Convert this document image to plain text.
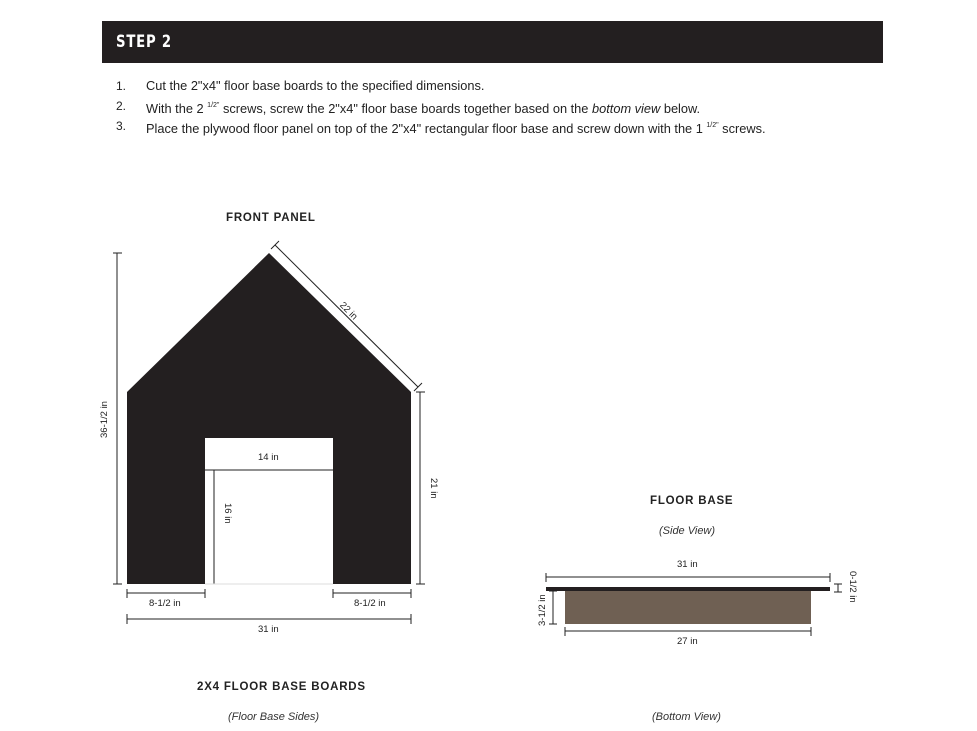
STEP 2
1. Cut the 2"x4" floor base boards to the specified dimensions.
2. With the 2 $^{1/2"}$ screws, screw the 2"x4" floor base boards together based on the bottom view below.
3. Place the plywood floor panel on top of the 2"x4" rectangular floor base and screw down with the 1 $^{1/2"}$ screws.
FRONT PANEL
22 in
36-1/2 in
21 in
14 in
16 in
8-1/2 in	8-1/2 in
31 in
FLOOR BASE
(Side View)
31 in
0-1/2 in
3-1/2 in
27 in
2X4 FLOOR BASE BOARDS
(Floor Base Sides)	(Bottom View)
